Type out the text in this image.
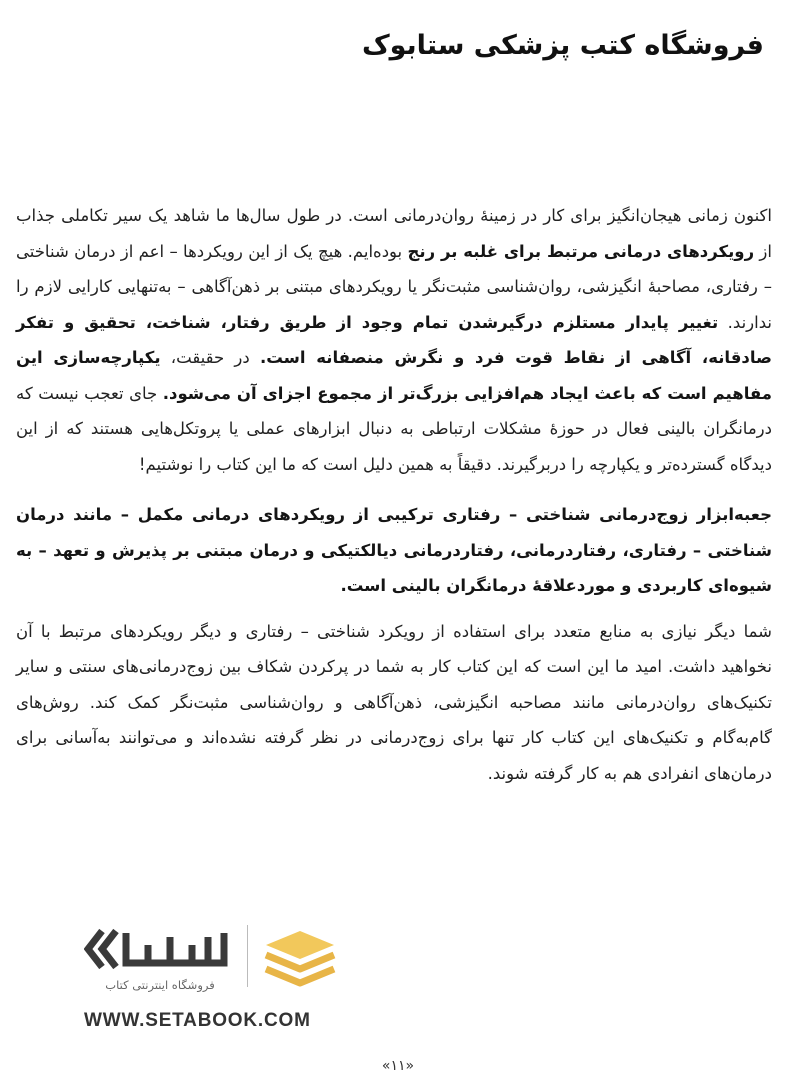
فروشگاه کتب پزشکی ستابوک

اکنون زمانی هیجان‌انگیز برای کار در زمینهٔ روان‌درمانی است. در طول سال‌ها ما شاهد یک سیر تکاملی جذاب از رویکردهای درمانی مرتبط برای غلبه بر رنج بوده‌ایم. هیچ یک از این رویکردها – اعم از درمان شناختی – رفتاری، مصاحبهٔ انگیزشی، روان‌شناسی مثبت‌نگر یا رویکردهای مبتنی بر ذهن‌آگاهی – به‌تنهایی کارایی لازم را ندارند. تغییر پایدار مستلزم درگیرشدن تمام وجود از طریق رفتار، شناخت، تحقیق و تفکر صادقانه، آگاهی از نقاط قوت فرد و نگرش منصفانه است. در حقیقت، یکپارچه‌سازی این مفاهیم است که باعث ایجاد هم‌افزایی بزرگ‌تر از مجموع اجزای آن می‌شود. جای تعجب نیست که درمانگران بالینی فعال در حوزهٔ مشکلات ارتباطی به دنبال ابزارهای عملی یا پروتکل‌هایی هستند که از این دیدگاه گسترده‌تر و یکپارچه را دربرگیرند. دقیقاً به همین دلیل است که ما این کتاب را نوشتیم!

جعبه‌ابزار زوج‌درمانی شناختی – رفتاری ترکیبی از رویکردهای درمانی مکمل – مانند درمان شناختی – رفتاری، رفتاردرمانی، رفتاردرمانی دیالکتیکی و درمان مبتنی بر پذیرش و تعهد – به شیوه‌ای کاربردی و موردعلاقهٔ درمانگران بالینی است.

شما دیگر نیازی به منابع متعدد برای استفاده از رویکرد شناختی – رفتاری و دیگر رویکردهای مرتبط با آن نخواهید داشت. امید ما این است که این کتاب کار به شما در پرکردن شکاف بین زوج‌درمانی‌های سنتی و سایر تکنیک‌های روان‌درمانی مانند مصاحبه انگیزشی، ذهن‌آگاهی و روان‌شناسی مثبت‌نگر کمک کند. روش‌های گام‌به‌گام و تکنیک‌های این کتاب کار تنها برای زوج‌درمانی در نظر گرفته نشده‌اند و می‌توانند به‌آسانی برای درمان‌های انفرادی هم به کار گرفته شوند.

فروشگاه اینترنتی کتاب
WWW.SETABOOK.COM
«۱۱»
